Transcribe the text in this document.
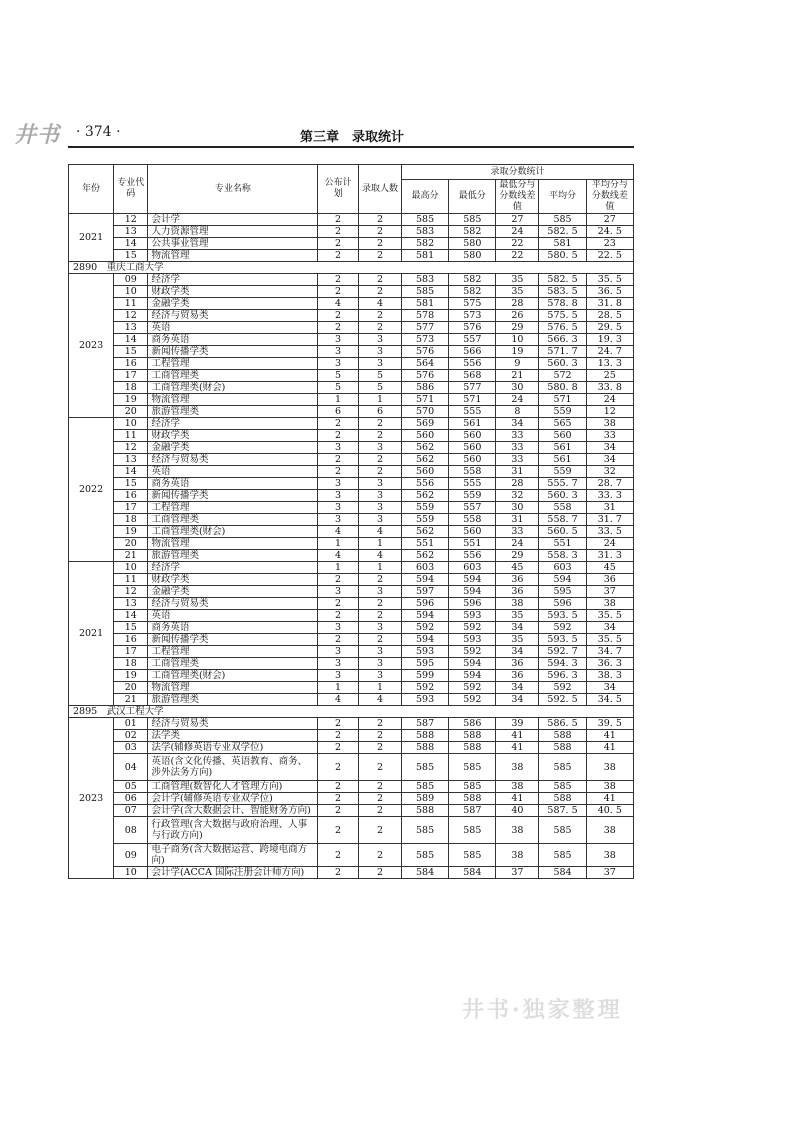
井书 · 374 ·	第三章　录取统计
年份	专业代码	专业名称	公布计划	录取人数	录取分数统计				
					最高分	最低分	最低分与分数线差值	平均分	平均分与分数线差值
2021	12	会计学	2	2	585	585	27	585	27
	13	人力资源管理	2	2	583	582	24	582. 5	24. 5
	14	公共事业管理	2	2	582	580	22	581	23
	15	物流管理	2	2	581	580	22	580. 5	22. 5
2890　重庆工商大学									
2023	09	经济学	2	2	583	582	35	582. 5	35. 5
	10	财政学类	2	2	585	582	35	583. 5	36. 5
	11	金融学类	4	4	581	575	28	578. 8	31. 8
	12	经济与贸易类	2	2	578	573	26	575. 5	28. 5
	13	英语	2	2	577	576	29	576. 5	29. 5
	14	商务英语	3	3	573	557	10	566. 3	19. 3
	15	新闻传播学类	3	3	576	566	19	571. 7	24. 7
	16	工程管理	3	3	564	556	9	560. 3	13. 3
	17	工商管理类	5	5	576	568	21	572	25
	18	工商管理类(财会)	5	5	586	577	30	580. 8	33. 8
	19	物流管理	1	1	571	571	24	571	24
	20	旅游管理类	6	6	570	555	8	559	12
2022	10	经济学	2	2	569	561	34	565	38
	11	财政学类	2	2	560	560	33	560	33
	12	金融学类	3	3	562	560	33	561	34
	13	经济与贸易类	2	2	562	560	33	561	34
	14	英语	2	2	560	558	31	559	32
	15	商务英语	3	3	556	555	28	555. 7	28. 7
	16	新闻传播学类	3	3	562	559	32	560. 3	33. 3
	17	工程管理	3	3	559	557	30	558	31
	18	工商管理类	3	3	559	558	31	558. 7	31. 7
	19	工商管理类(财会)	4	4	562	560	33	560. 5	33. 5
	20	物流管理	1	1	551	551	24	551	24
	21	旅游管理类	4	4	562	556	29	558. 3	31. 3
2021	10	经济学	1	1	603	603	45	603	45
	11	财政学类	2	2	594	594	36	594	36
	12	金融学类	3	3	597	594	36	595	37
	13	经济与贸易类	2	2	596	596	38	596	38
	14	英语	2	2	594	593	35	593. 5	35. 5
	15	商务英语	3	3	592	592	34	592	34
	16	新闻传播学类	2	2	594	593	35	593. 5	35. 5
	17	工程管理	3	3	593	592	34	592. 7	34. 7
	18	工商管理类	3	3	595	594	36	594. 3	36. 3
	19	工商管理类(财会)	3	3	599	594	36	596. 3	38. 3
	20	物流管理	1	1	592	592	34	592	34
	21	旅游管理类	4	4	593	592	34	592. 5	34. 5
2895　武汉工程大学									
2023	01	经济与贸易类	2	2	587	586	39	586. 5	39. 5
	02	法学类	2	2	588	588	41	588	41
	03	法学(辅修英语专业双学位)	2	2	588	588	41	588	41
	04	英语(含文化传播、英语教育、商务、涉外法务方向)	2	2	585	585	38	585	38
	05	工商管理(数智化人才管理方向)	2	2	585	585	38	585	38
	06	会计学(辅修英语专业双学位)	2	2	589	588	41	588	41
	07	会计学(含大数据会计、智能财务方向)	2	2	588	587	40	587. 5	40. 5
	08	行政管理(含大数据与政府治理、人事与行政方向)	2	2	585	585	38	585	38
	09	电子商务(含大数据运营、跨境电商方向)	2	2	585	585	38	585	38
	10	会计学(ACCA 国际注册会计师方向)	2	2	584	584	37	584	37
井书·独家整理
